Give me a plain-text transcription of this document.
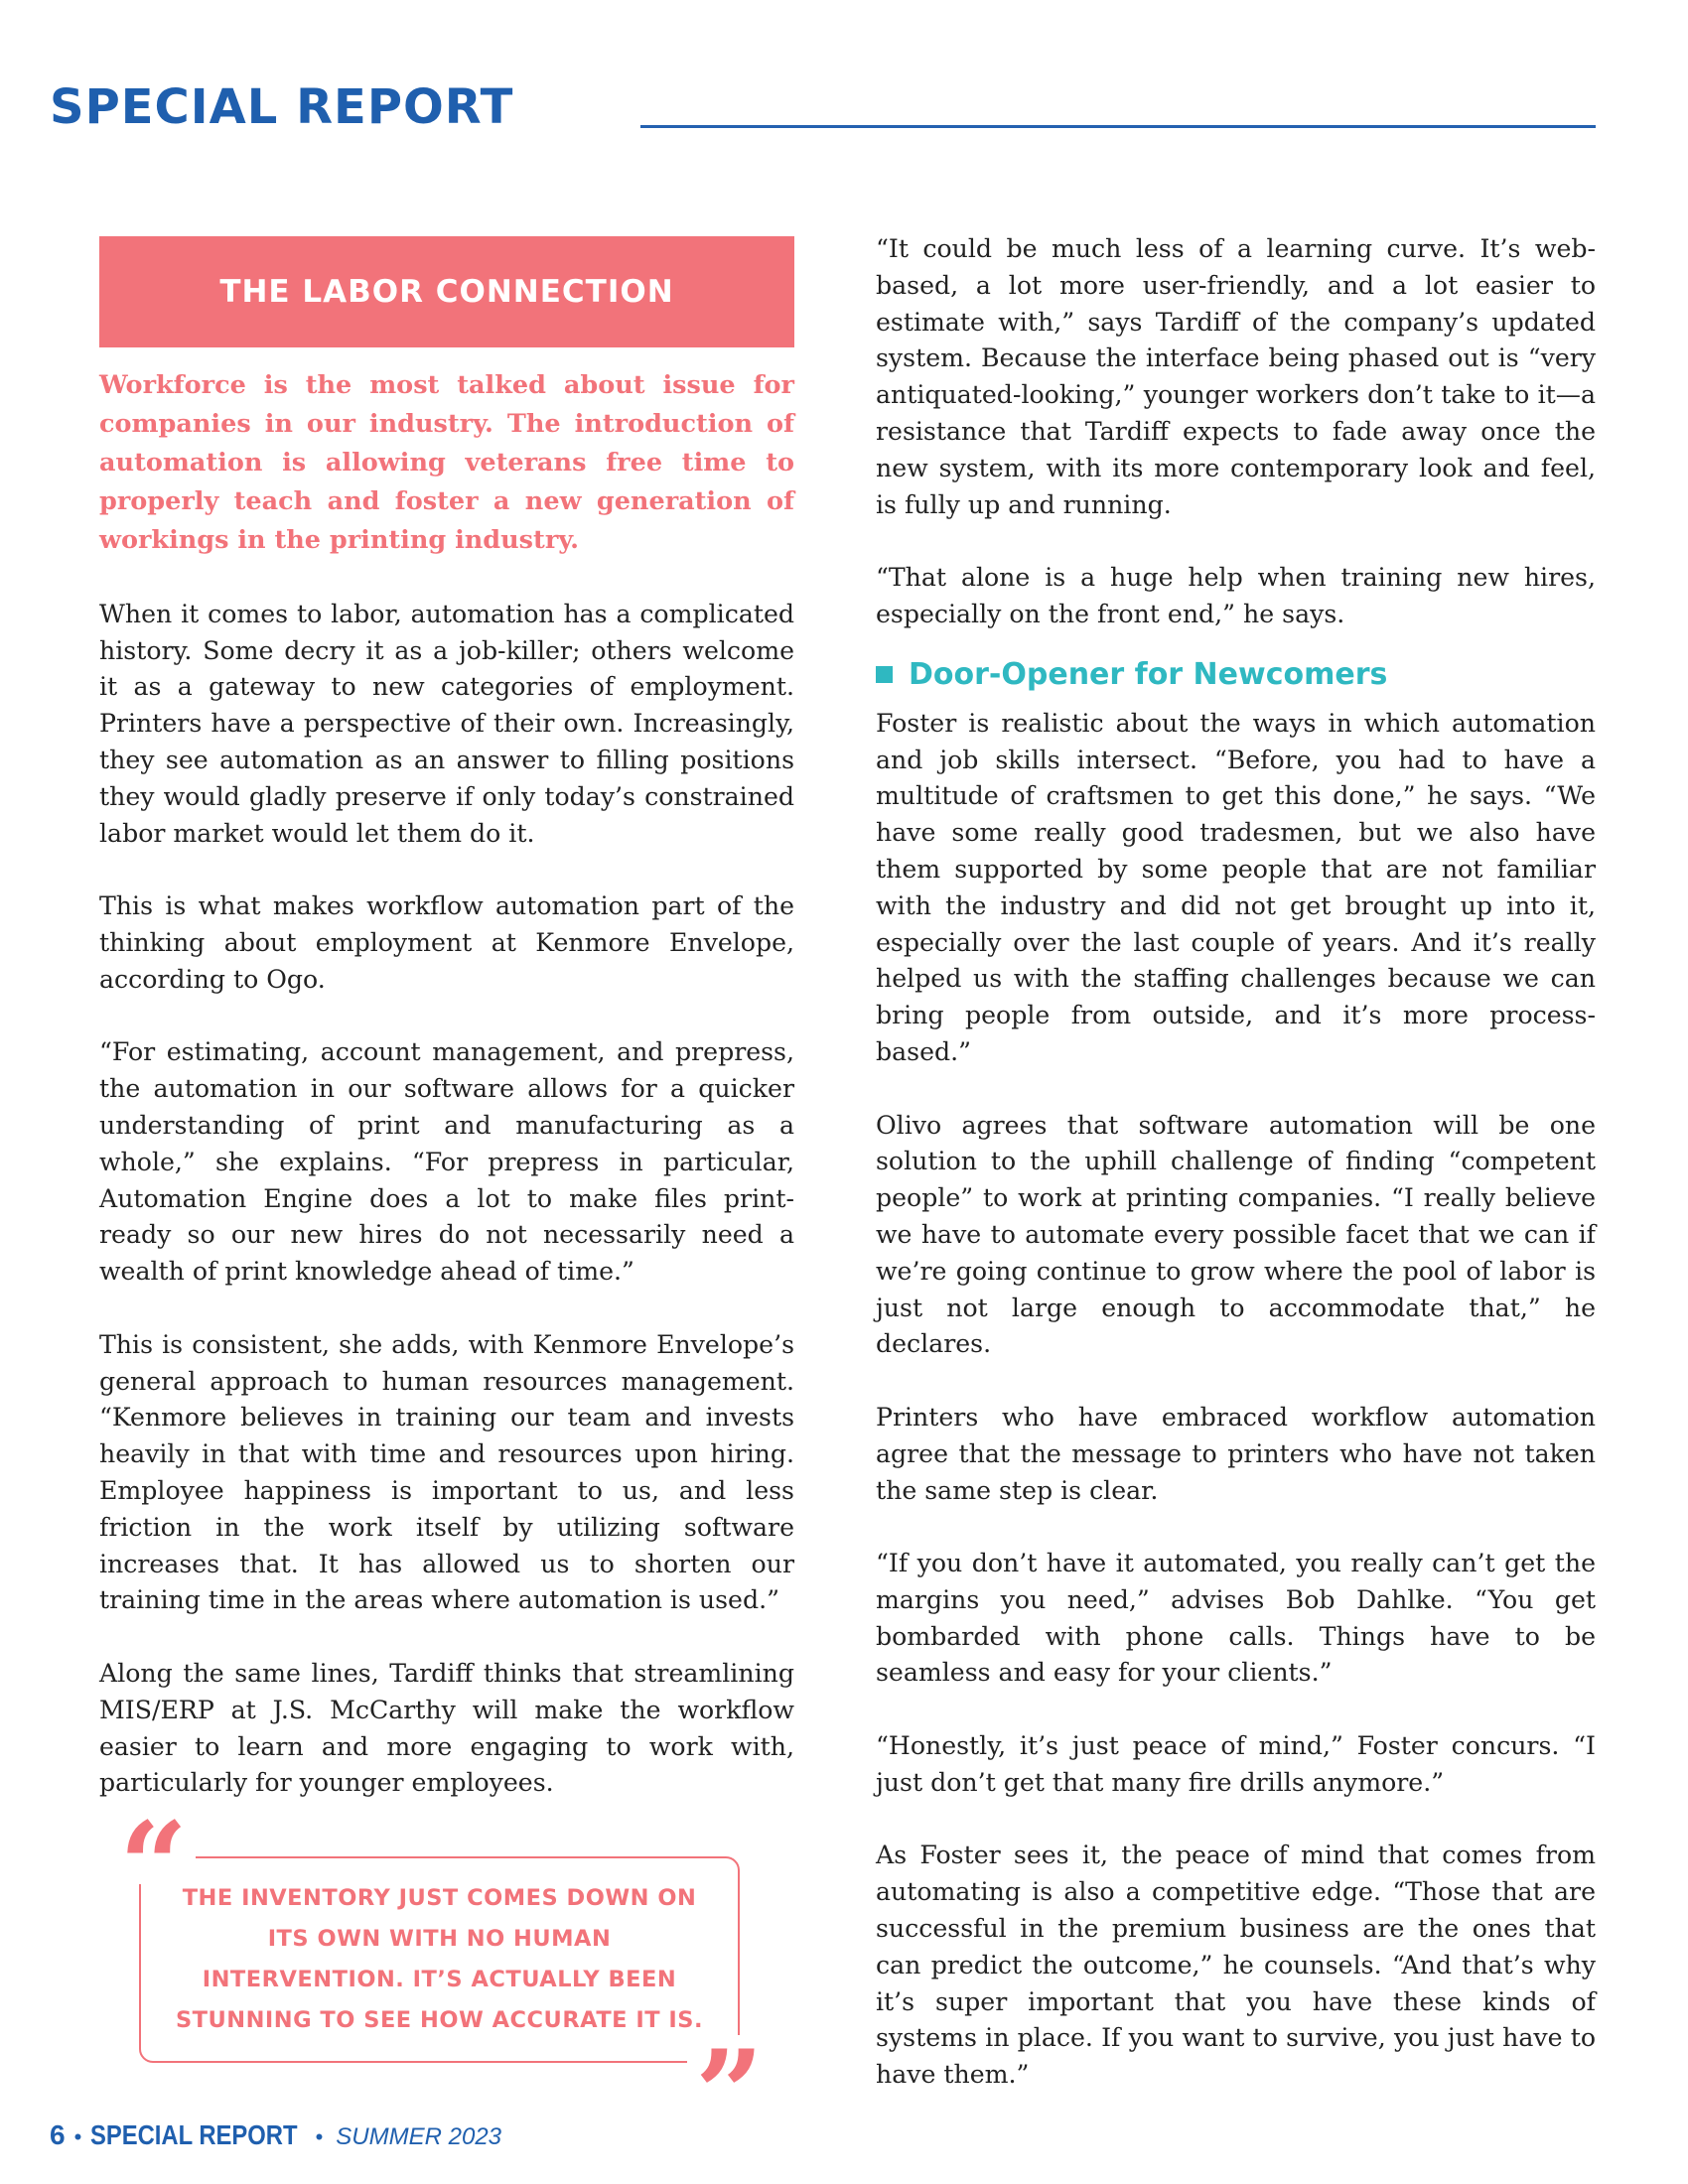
SPECIAL REPORT
THE LABOR CONNECTION

Workforce is the most talked about issue for companies in our industry. The introduction of automation is allowing veterans free time to properly teach and foster a new generation of workings in the printing industry.

When it comes to labor, automation has a complicated history. Some decry it as a job-killer; others welcome it as a gateway to new categories of employment. Printers have a perspective of their own. Increasingly, they see automation as an answer to filling positions they would gladly preserve if only today’s constrained labor market would let them do it.

This is what makes workflow automation part of the thinking about employment at Kenmore Envelope, according to Ogo.

“For estimating, account management, and prepress, the automation in our software allows for a quicker understanding of print and manufacturing as a whole,” she explains. “For prepress in particular, Automation Engine does a lot to make files print-ready so our new hires do not necessarily need a wealth of print knowledge ahead of time.”

This is consistent, she adds, with Kenmore Envelope’s general approach to human resources management. “Kenmore believes in training our team and invests heavily in that with time and resources upon hiring. Employee happiness is important to us, and less friction in the work itself by utilizing software increases that. It has allowed us to shorten our training time in the areas where automation is used.”

Along the same lines, Tardiff thinks that streamlining MIS/ERP at J.S. McCarthy will make the workflow easier to learn and more engaging to work with, particularly for younger employees.

THE INVENTORY JUST COMES DOWN ON ITS OWN WITH NO HUMAN INTERVENTION. IT’S ACTUALLY BEEN STUNNING TO SEE HOW ACCURATE IT IS.
“
”

“It could be much less of a learning curve. It’s web-based, a lot more user-friendly, and a lot easier to estimate with,” says Tardiff of the company’s updated system. Because the interface being phased out is “very antiquated-looking,” younger workers don’t take to it—a resistance that Tardiff expects to fade away once the new system, with its more contemporary look and feel, is fully up and running.

“That alone is a huge help when training new hires, especially on the front end,” he says.

Door-Opener for Newcomers

Foster is realistic about the ways in which automation and job skills intersect. “Before, you had to have a multitude of craftsmen to get this done,” he says. “We have some really good tradesmen, but we also have them supported by some people that are not familiar with the industry and did not get brought up into it, especially over the last couple of years. And it’s really helped us with the staffing challenges because we can bring people from outside, and it’s more process-based.”

Olivo agrees that software automation will be one solution to the uphill challenge of finding “competent people” to work at printing companies. “I really believe we have to automate every possible facet that we can if we’re going continue to grow where the pool of labor is just not large enough to accommodate that,” he declares.

Printers who have embraced workflow automation agree that the message to printers who have not taken the same step is clear.

“If you don’t have it automated, you really can’t get the margins you need,” advises Bob Dahlke. “You get bombarded with phone calls. Things have to be seamless and easy for your clients.”

“Honestly, it’s just peace of mind,” Foster concurs. “I just don’t get that many fire drills anymore.”

As Foster sees it, the peace of mind that comes from automating is also a competitive edge. “Those that are successful in the premium business are the ones that can predict the outcome,” he counsels. “And that’s why it’s super important that you have these kinds of systems in place. If you want to survive, you just have to have them.”

6 • SPECIAL REPORT • SUMMER 2023
